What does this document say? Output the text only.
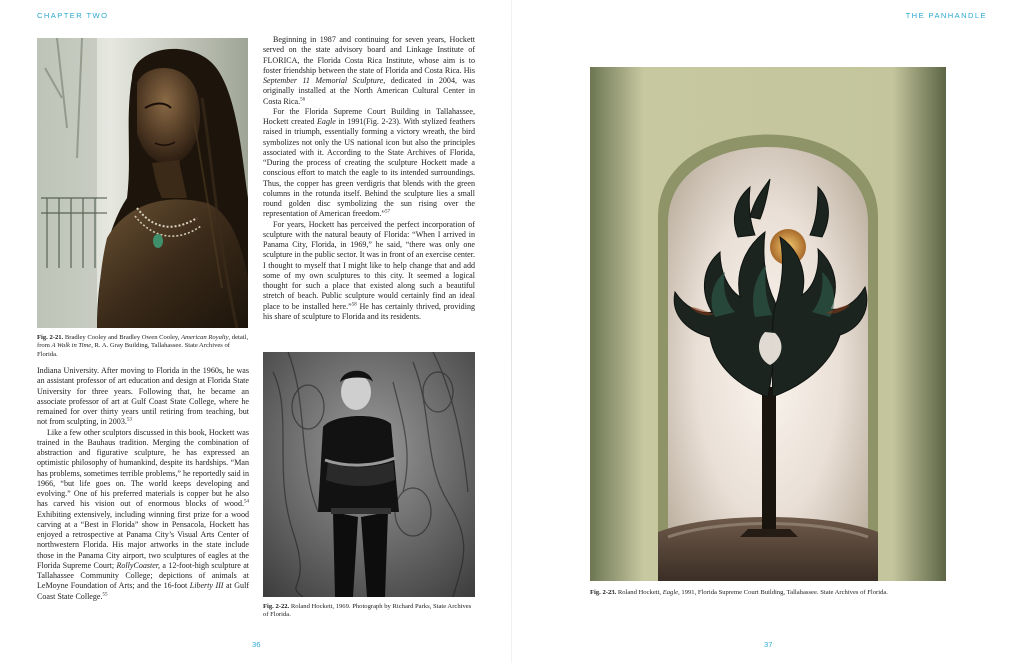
CHAPTER TWO	THE PANHANDLE
Fig. 2-21. Bradley Cooley and Bradley Owen Cooley, American Royalty, detail, from A Walk in Time, R. A. Gray Building, Tallahassee. State Archives of Florida.

Indiana University. After moving to Florida in the 1960s, he was an assistant professor of art education and design at Florida State University for three years. Following that, he became an associate professor of art at Gulf Coast State College, where he remained for over thirty years until retiring from teaching, but not from sculpting, in 2003.53

Like a few other sculptors discussed in this book, Hockett was trained in the Bauhaus tradition. Merging the combination of abstraction and figurative sculpture, he has expressed an optimistic philosophy of humankind, despite its hardships. “Man has problems, sometimes terrible problems,” he reportedly said in 1966, “but life goes on. The world keeps developing and evolving.” One of his preferred materials is copper but he also has carved his vision out of enormous blocks of wood.$^{54}$ Exhibiting extensively, including winning first prize for a wood carving at a “Best in Florida” show in Pensacola, Hockett has enjoyed a retrospective at Panama City’s Visual Arts Center of northwestern Florida. His major artworks in the state include those in the Panama City airport, two sculptures of eagles at the Florida Supreme Court; RollyCoaster, a 12-foot-high sculpture at Tallahassee Community College; depictions of animals at LeMoyne Foundation of Arts; and the 16-foot Liberty III at Gulf Coast State College.$^{55}$

Beginning in 1987 and continuing for seven years, Hockett served on the state advisory board and Linkage Institute of FLORICA, the Florida Costa Rica Institute, whose aim is to foster friendship between the state of Florida and Costa Rica. His September 11 Memorial Sculpture, dedicated in 2004, was originally installed at the North American Cultural Center in Costa Rica.$^{56}$

For the Florida Supreme Court Building in Tallahassee, Hockett created Eagle in 1991(Fig. 2-23). With stylized feathers raised in triumph, essentially forming a victory wreath, the bird symbolizes not only the US national icon but also the principles associated with it. According to the State Archives of Florida, “During the process of creating the sculpture Hockett made a conscious effort to match the eagle to its intended surroundings. Thus, the copper has green verdigris that blends with the green columns in the rotunda itself. Behind the sculpture lies a small round golden disc symbolizing the sun rising over the representation of American freedom.”$^{57}$

For years, Hockett has perceived the perfect incorporation of sculpture with the natural beauty of Florida: “When I arrived in Panama City, Florida, in 1969,” he said, “there was only one sculpture in the public sector. It was in front of an exercise center. I thought to myself that I might like to help change that and add some of my own sculptures to this city. It seemed a logical thought for such a place that existed along such a beautiful stretch of beach. Public sculpture would certainly find an ideal place to be installed here.”$^{58}$ He has certainly thrived, providing his share of sculpture to Florida and its residents.

Fig. 2-22. Roland Hockett, 1969. Photograph by Richard Parks, State Archives of Florida.
36
Fig. 2-23. Roland Hockett, Eagle, 1991, Florida Supreme Court Building, Tallahassee. State Archives of Florida.
37
